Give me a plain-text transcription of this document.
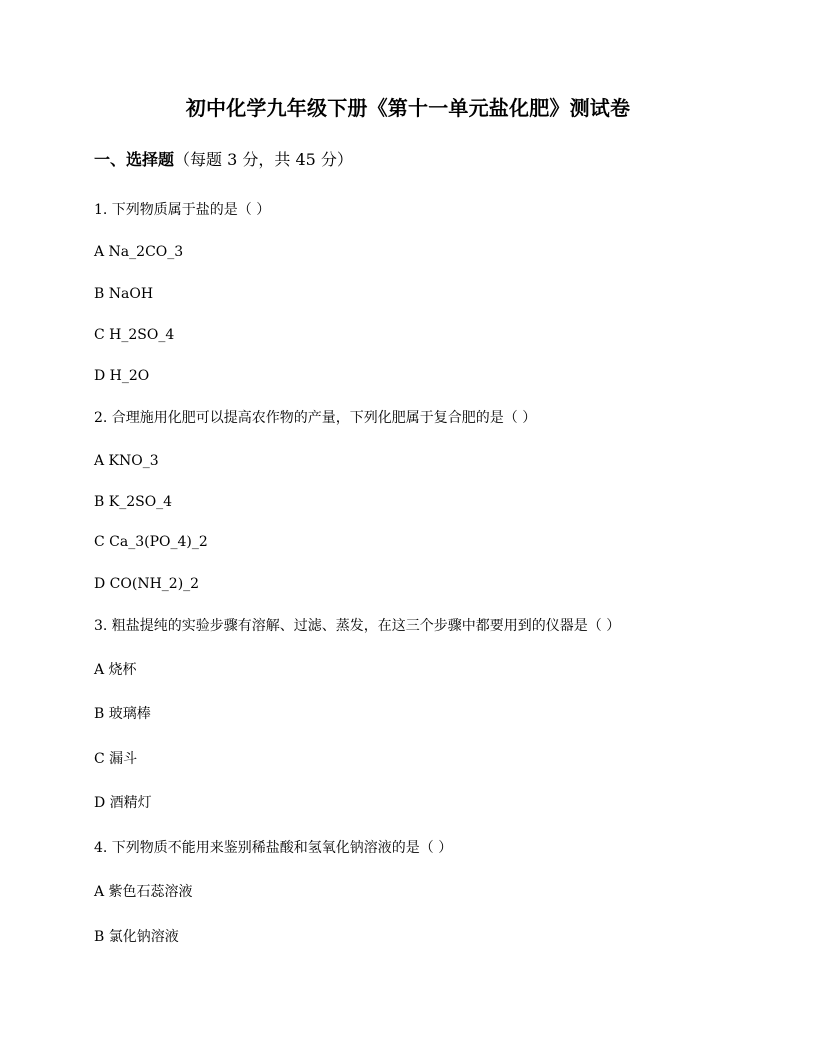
初中化学九年级下册《第十一单元盐化肥》测试卷
一、选择题（每题 3 分，共 45 分）
1. 下列物质属于盐的是（ ）
A Na_2CO_3
B NaOH
C H_2SO_4
D H_2O
2. 合理施用化肥可以提高农作物的产量，下列化肥属于复合肥的是（ ）
A KNO_3
B K_2SO_4
C Ca_3(PO_4)_2
D CO(NH_2)_2
3. 粗盐提纯的实验步骤有溶解、过滤、蒸发，在这三个步骤中都要用到的仪器是（ ）
A 烧杯
B 玻璃棒
C 漏斗
D 酒精灯
4. 下列物质不能用来鉴别稀盐酸和氢氧化钠溶液的是（ ）
A 紫色石蕊溶液
B 氯化钠溶液
